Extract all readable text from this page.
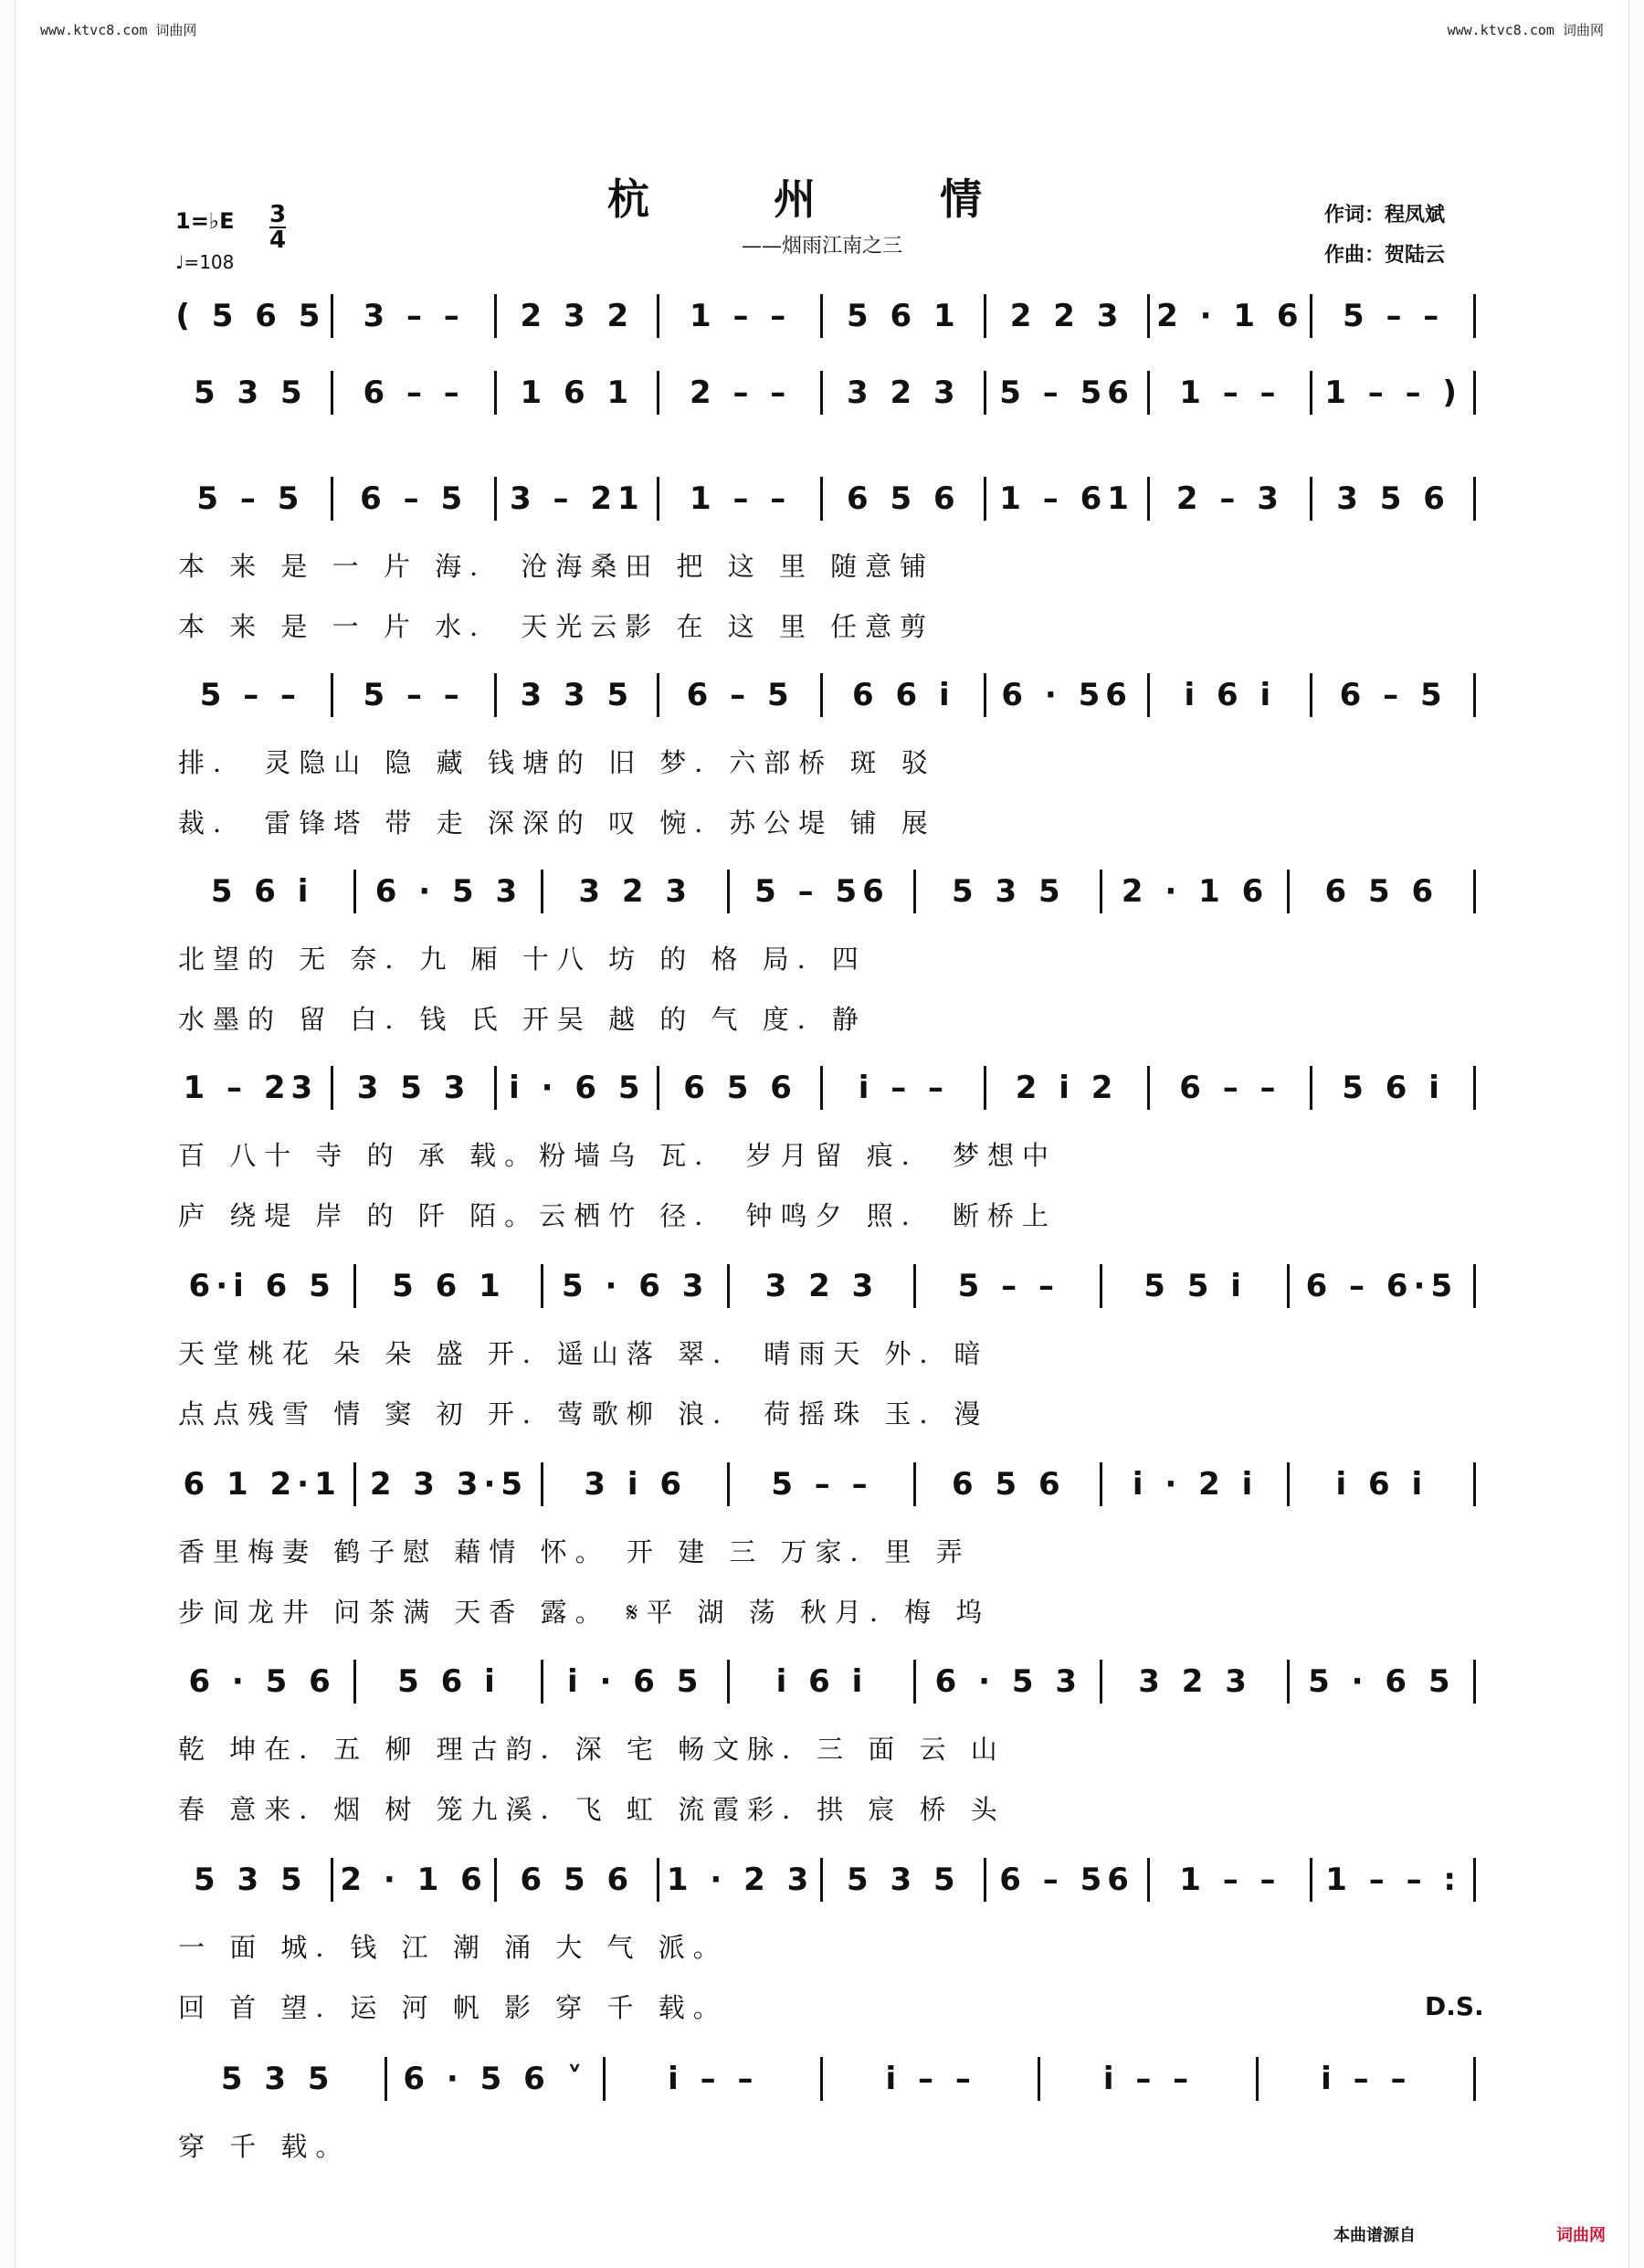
www.ktvc8.com 词曲网	www.ktvc8.com 词曲网
杭 州 情
——烟雨江南之三
1=♭E $\frac{3}{4}$
♩=108
作词：程凤斌
作曲：贺陆云
( 5 6 5	3 – –	2 3 2	1 – –	5 6 1	2 2 3	2 · 1 6	5 – –
5 3 5	6 – –	1 6 1	2 – –	3 2 3	5 – 56	1 – –	1 – – )
5 – 5	6 – 5	3 – 21	1 – –	6 5 6	1 – 61	2 – 3	3 5 6
本 来 是 一 片 海． 沧海桑田 把 这 里 随意铺
本 来 是 一 片 水． 天光云影 在 这 里 任意剪
5 – –	5 – –	3 3 5	6 – 5	6 6 i	6 · 56	i 6 i	6 – 5
排． 灵隐山 隐 藏 钱塘的 旧 梦．六部桥 斑 驳
裁． 雷锋塔 带 走 深深的 叹 惋．苏公堤 铺 展
5 6 i	6 · 5 3	3 2 3	5 – 56	5 3 5	2 · 1 6	6 5 6
北望的 无 奈．九 厢 十八 坊 的 格 局．四
水墨的 留 白．钱 氏 开吴 越 的 气 度．静
1 – 23	3 5 3	i · 6 5	6 5 6	i – –	2 i 2	6 – –	5 6 i
百 八十 寺 的 承 载。粉墙乌 瓦． 岁月留 痕． 梦想中
庐 绕堤 岸 的 阡 陌。云栖竹 径． 钟鸣夕 照． 断桥上
6·i 6 5	5 6 1	5 · 6 3	3 2 3	5 – –	5 5 i	6 – 6·5
天堂桃花 朵 朵 盛 开．遥山落 翠． 晴雨天 外．暗
点点残雪 情 窦 初 开．莺歌柳 浪． 荷摇珠 玉．漫
6 1 2·1 2 3 3·5	3 i 6	5 – –	6 5 6	i · 2 i	i 6 i
香里梅妻 鹤子慰 藉情 怀。 开 建 三 万家．里 弄
步间龙井 问茶满 天香 露。 𝄋平 湖 荡 秋月．梅 坞
6 · 5 6	5 6 i	i · 6 5	i 6 i	6 · 5 3	3 2 3	5 · 6 5
乾 坤在．五 柳 理古韵．深 宅 畅文脉．三 面 云 山
春 意来．烟 树 笼九溪．飞 虹 流霞彩．拱 宸 桥 头
5 3 5	2 · 1 6	6 5 6	1 · 2 3	5 3 5	6 – 56	1 – –	1 – – :
一 面 城．钱 江 潮 涌 大 气 派。
回 首 望．运 河 帆 影 穿 千 载。
5 3 5	6 · 5 6 ˅	i – –	i – –	i – –	i – –
穿 千 载。
D.S.
本曲谱源自	词曲网
